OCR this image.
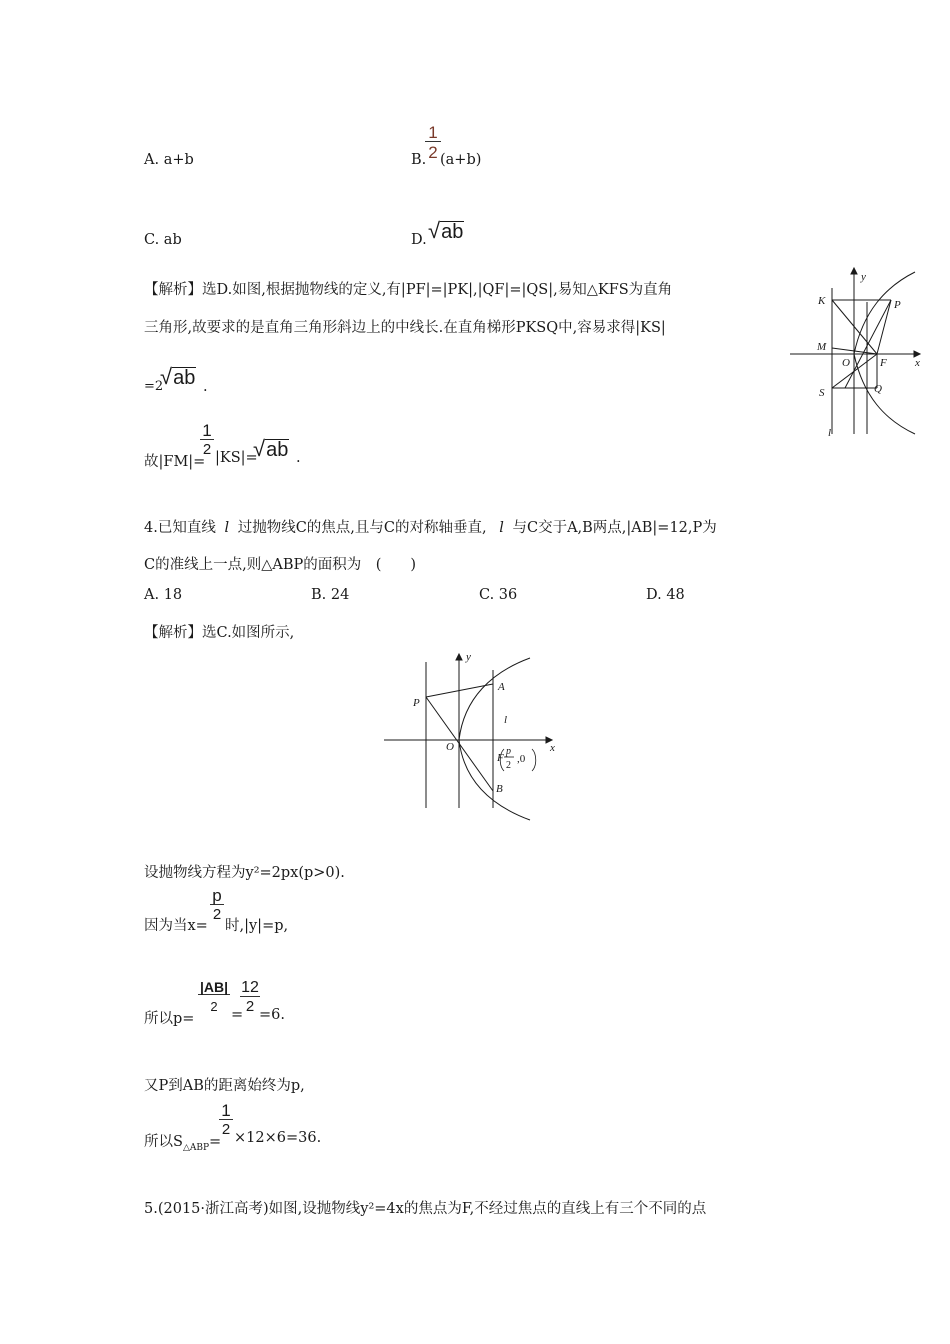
A. a+b	B.
$\frac{1}{2} (a+b)$
C. ab	D. √ab
【解析】选D.如图,根据抛物线的定义,有|PF|=|PK|,|QF|=|QS|,易知△KFS为直角
三角形,故要求的是直角三角形斜边上的中线长.在直角梯形PKSQ中,容易求得|KS|
=2
√ab .
故|FM|=
$\frac{1}{2}$
|KS|=
√ab .
y
x
K	P
M
O	F
S	Q
l
4.已知直线 l 过抛物线C的焦点,且与C的对称轴垂直, l 与C交于A,B两点,|AB|=12,P为
C的准线上一点,则△ABP的面积为　(　　)
A. 18	B. 24	C. 36	D. 48
【解析】选C.如图所示,
y
x
P
A
l
O
F
p
2
,0
B
设抛物线方程为y²=2px(p>0).
因为当x=
$\frac{p}{2}$
时,|y|=p,
所以p=
$\frac{|AB|}{2}$
=
$\frac{12}{2}$
=6.
又P到AB的距离始终为p,
所以$S_{\triangle ABP}=$
$\frac{1}{2}$
×12×6=36.
5.(2015·浙江高考)如图,设抛物线y²=4x的焦点为F,不经过焦点的直线上有三个不同的点
